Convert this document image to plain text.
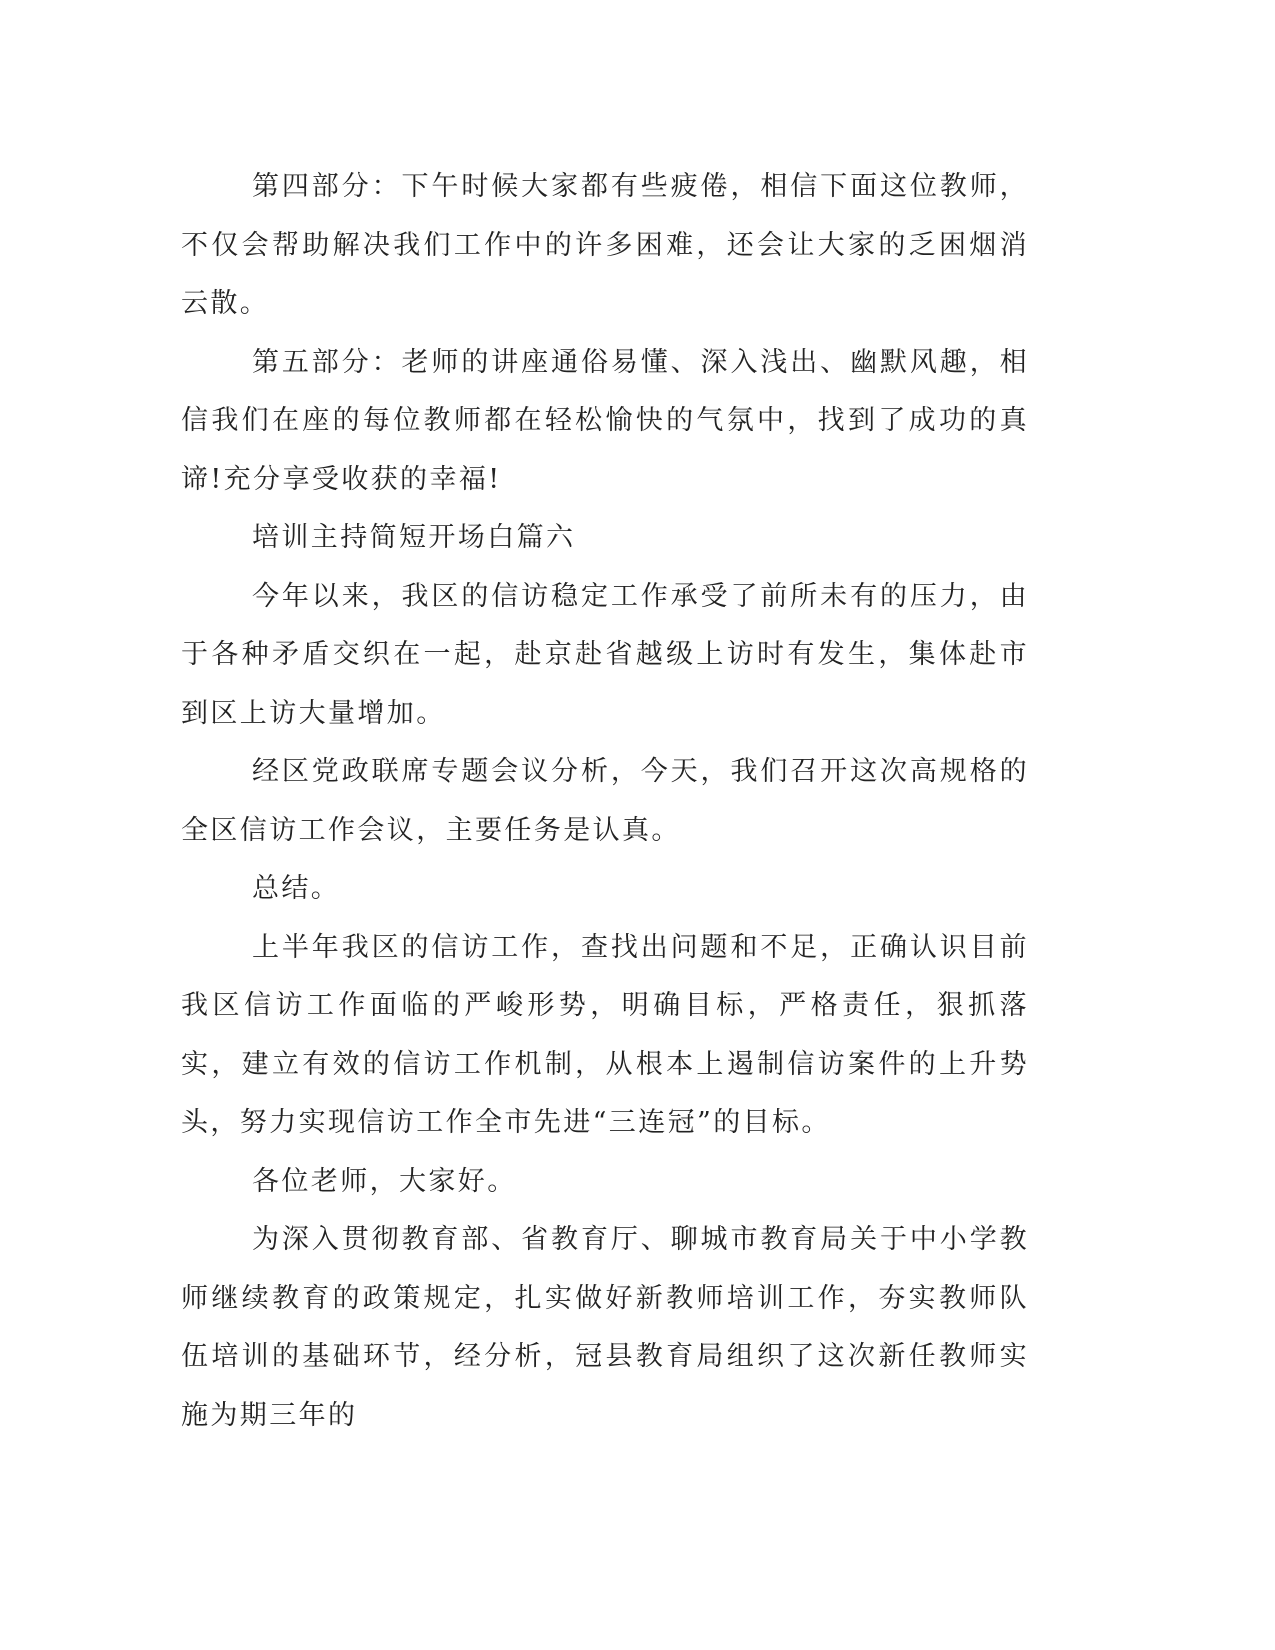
第四部分：下午时候大家都有些疲倦，相信下面这位教师，不仅会帮助解决我们工作中的许多困难，还会让大家的乏困烟消云散。

第五部分：老师的讲座通俗易懂、深入浅出、幽默风趣，相信我们在座的每位教师都在轻松愉快的气氛中，找到了成功的真谛!充分享受收获的幸福!

培训主持简短开场白篇六

今年以来，我区的信访稳定工作承受了前所未有的压力，由于各种矛盾交织在一起，赴京赴省越级上访时有发生，集体赴市到区上访大量增加。

经区党政联席专题会议分析，今天，我们召开这次高规格的全区信访工作会议，主要任务是认真。

总结。

上半年我区的信访工作，查找出问题和不足，正确认识目前我区信访工作面临的严峻形势，明确目标，严格责任，狠抓落实，建立有效的信访工作机制，从根本上遏制信访案件的上升势头，努力实现信访工作全市先进“三连冠”的目标。

各位老师，大家好。

为深入贯彻教育部、省教育厅、聊城市教育局关于中小学教师继续教育的政策规定，扎实做好新教师培训工作，夯实教师队伍培训的基础环节，经分析，冠县教育局组织了这次新任教师实施为期三年的
